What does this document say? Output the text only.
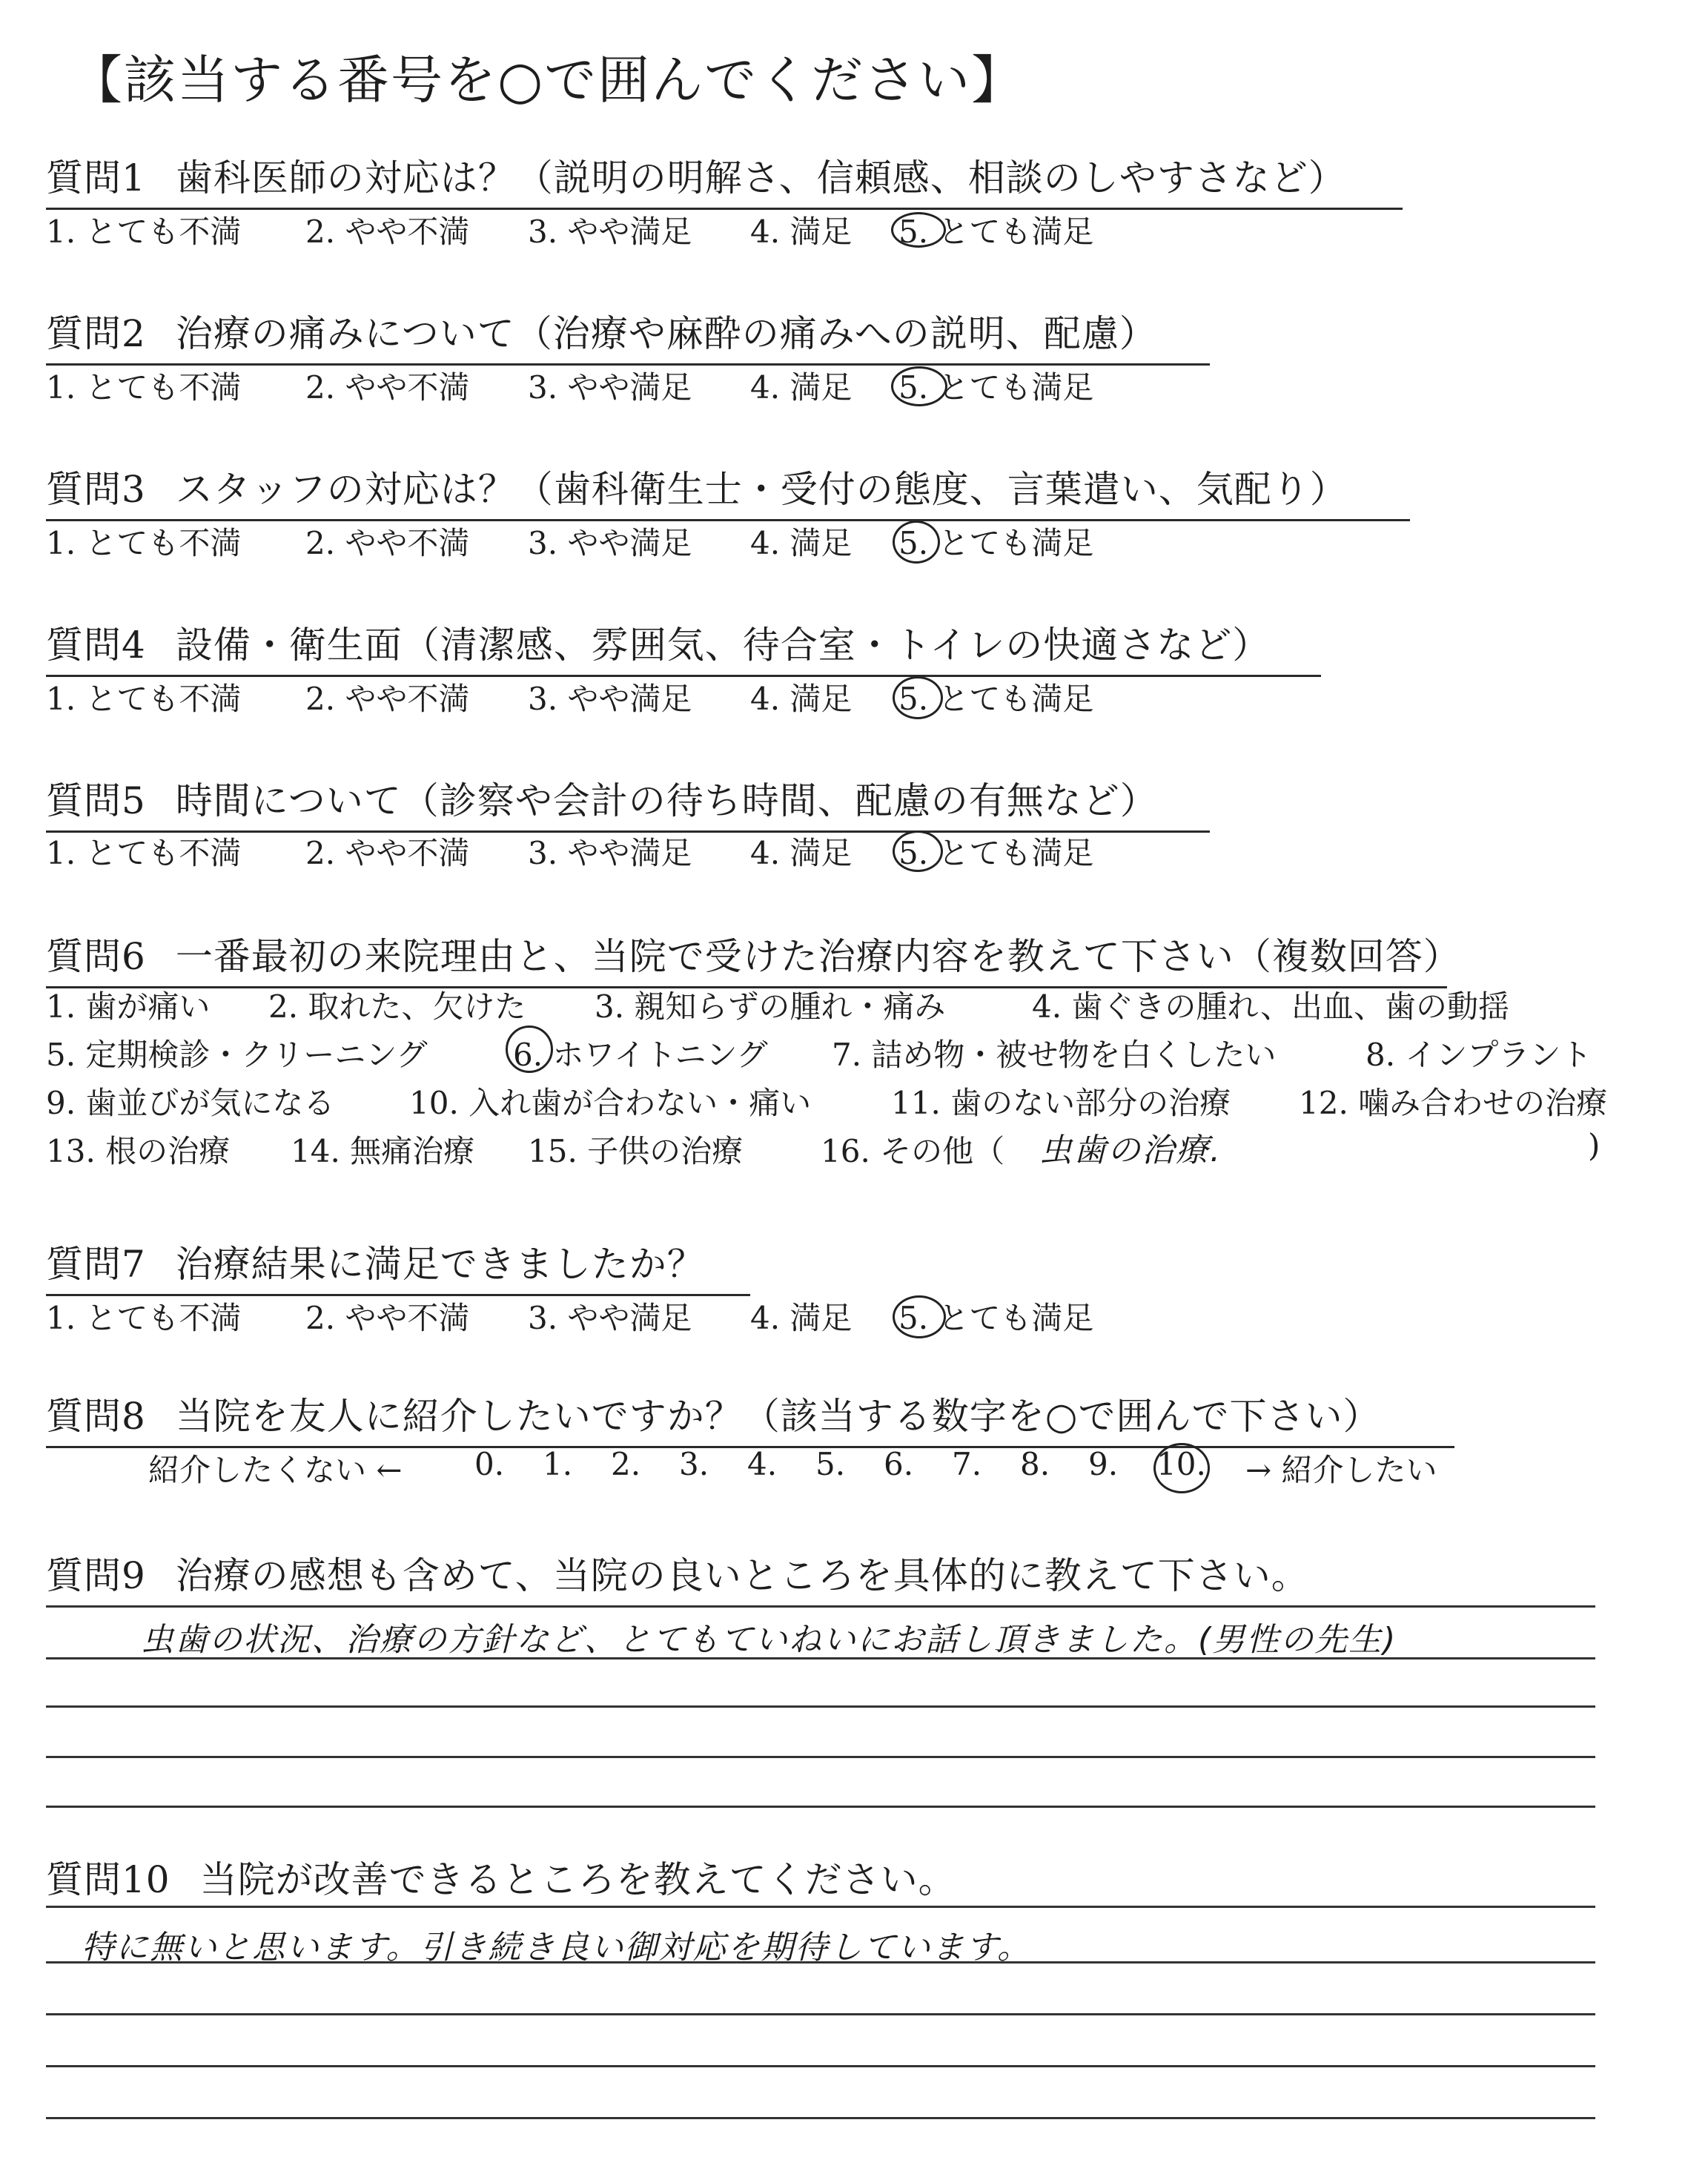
【該当する番号を○で囲んでください】
質問1 歯科医師の対応は？（説明の明解さ、信頼感、相談のしやすさなど）
1. とても不満 2. やや不満 3. やや満足 4. 満足 5. とても満足
質問2 治療の痛みについて（治療や麻酔の痛みへの説明、配慮）
1. とても不満 2. やや不満 3. やや満足 4. 満足 5. とても満足
質問3 スタッフの対応は？（歯科衛生士・受付の態度、言葉遣い、気配り）
1. とても不満 2. やや不満 3. やや満足 4. 満足 5. とても満足
質問4 設備・衛生面（清潔感、雰囲気、待合室・トイレの快適さなど）
1. とても不満 2. やや不満 3. やや満足 4. 満足 5. とても満足
質問5 時間について（診察や会計の待ち時間、配慮の有無など）
1. とても不満 2. やや不満 3. やや満足 4. 満足 5. とても満足
質問6 一番最初の来院理由と、当院で受けた治療内容を教えて下さい（複数回答）
1. 歯が痛い 2. 取れた、欠けた 3. 親知らずの腫れ・痛み	4. 歯ぐきの腫れ、出血、歯の動揺
5. 定期検診・クリーニング	6. ホワイトニング 7. 詰め物・被せ物を白くしたい	8. インプラント
9. 歯並びが気になる 10. 入れ歯が合わない・痛い	11. 歯のない部分の治療 12. 噛み合わせの治療
13. 根の治療 14. 無痛治療 15. 子供の治療 16. その他（ 虫歯の治療.	)
質問7 治療結果に満足できましたか？
1. とても不満 2. やや不満 3. やや満足 4. 満足 5. とても満足
質問8 当院を友人に紹介したいですか？（該当する数字を○で囲んで下さい）
紹介したくない ← 0. 1. 2. 3. 4. 5. 6. 7. 8. 9. 10. → 紹介したい
質問9 治療の感想も含めて、当院の良いところを具体的に教えて下さい。
虫歯の状況、治療の方針など、とてもていねいにお話し頂きました。(男性の先生)
質問10 当院が改善できるところを教えてください。
特に無いと思います。引き続き良い御対応を期待しています。
